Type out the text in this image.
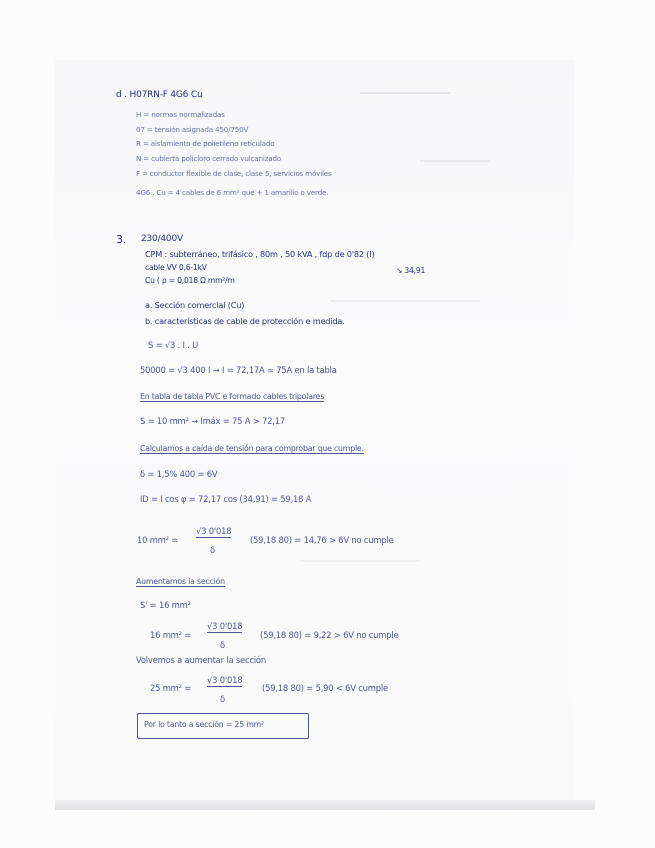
d . H07RN-F 4G6 Cu
H = normas normalizadas
07 = tensión asignada 450/750V
R = aislamiento de polietileno reticulado
N = cubierta policloro cerrado vulcanizado
F = conductor flexible de clase, clase 5, servicios móviles
4G6 . Cu = 4 cables de 6 mm² que + 1 amarillo o verde.
3. 230/400V
CPM : subterráneo, trifásico , 80m , 50 kVA , fdp de 0'82 (I)
cable VV 0,6-1kV
Cu ( ρ = 0,018 Ω mm²/m
↘ 34,91
a. Sección comercial (Cu)
b. características de cable de protección e medida.
S = √3 . I . U
50000 = √3 400 I → I = 72,17A ≃ 75A en la tabla
En tabla de tabla PVC e formado cables tripolares
S = 10 mm² → Imáx = 75 A > 72,17
Calculamos a caída de tensión para comprobar que cumple.
δ = 1,5% 400 = 6V
ID = I cos φ = 72,17 cos (34,91) = 59,18 A
10 mm² =
√3 0'018
δ
(59,18 80) = 14,76 > 6V no cumple
Aumentamos la sección
S' = 16 mm²
16 mm² =
√3 0'018
δ
(59,18 80) = 9,22 > 6V no cumple
Volvemos a aumentar la sección
25 mm² =
√3 0'018
δ
(59,18 80) = 5,90 < 6V cumple
Por lo tanto a sección = 25 mm²
